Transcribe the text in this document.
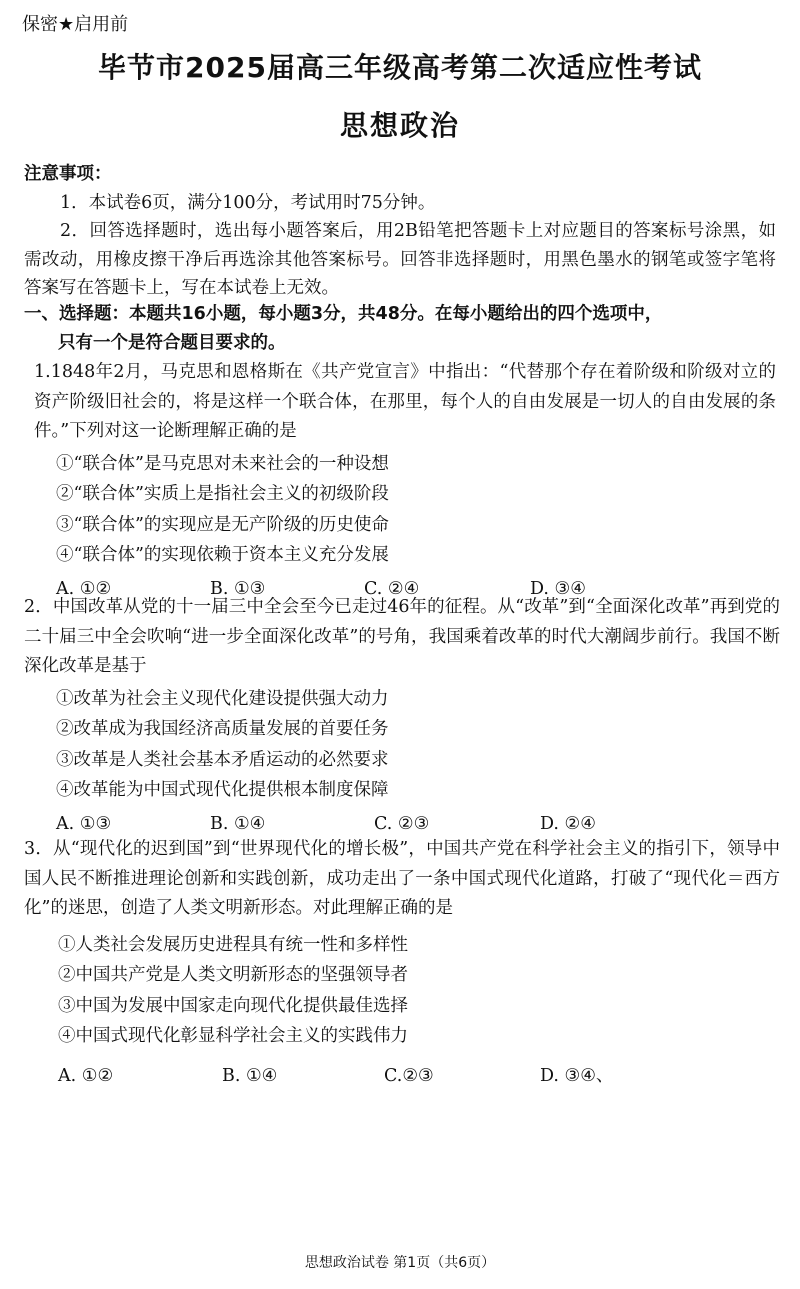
保密★启用前
毕节市2025届高三年级高考第二次适应性考试
思想政治
注意事项：

1．本试卷6页，满分100分，考试用时75分钟。

2．回答选择题时，选出每小题答案后，用2B铅笔把答题卡上对应题目的答案标号涂黑，如需改动，用橡皮擦干净后再选涂其他答案标号。回答非选择题时，用黑色墨水的钢笔或签字笔将答案写在答题卡上，写在本试卷上无效。

一、选择题：本题共16小题，每小题3分，共48分。在每小题给出的四个选项中，
只有一个是符合题目要求的。

1.1848年2月，马克思和恩格斯在《共产党宣言》中指出：“代替那个存在着阶级和阶级对立的资产阶级旧社会的，将是这样一个联合体，在那里，每个人的自由发展是一切人的自由发展的条件。”下列对这一论断理解正确的是

①“联合体”是马克思对未来社会的一种设想

②“联合体”实质上是指社会主义的初级阶段

③“联合体”的实现应是无产阶级的历史使命

④“联合体”的实现依赖于资本主义充分发展

A. ①②	B. ①③	C. ②④	D. ③④

2．中国改革从党的十一届三中全会至今已走过46年的征程。从“改革”到“全面深化改革”再到党的二十届三中全会吹响“进一步全面深化改革”的号角，我国乘着改革的时代大潮阔步前行。我国不断深化改革是基于

①改革为社会主义现代化建设提供强大动力

②改革成为我国经济高质量发展的首要任务

③改革是人类社会基本矛盾运动的必然要求

④改革能为中国式现代化提供根本制度保障

A. ①③	B. ①④	C. ②③	D. ②④

3．从“现代化的迟到国”到“世界现代化的增长极”，中国共产党在科学社会主义的指引下，领导中国人民不断推进理论创新和实践创新，成功走出了一条中国式现代化道路，打破了“现代化＝西方化”的迷思，创造了人类文明新形态。对此理解正确的是

①人类社会发展历史进程具有统一性和多样性

②中国共产党是人类文明新形态的坚强领导者

③中国为发展中国家走向现代化提供最佳选择

④中国式现代化彰显科学社会主义的实践伟力

A. ①②	B. ①④	C.②③	D. ③④、
思想政治试卷 第1页（共6页）
